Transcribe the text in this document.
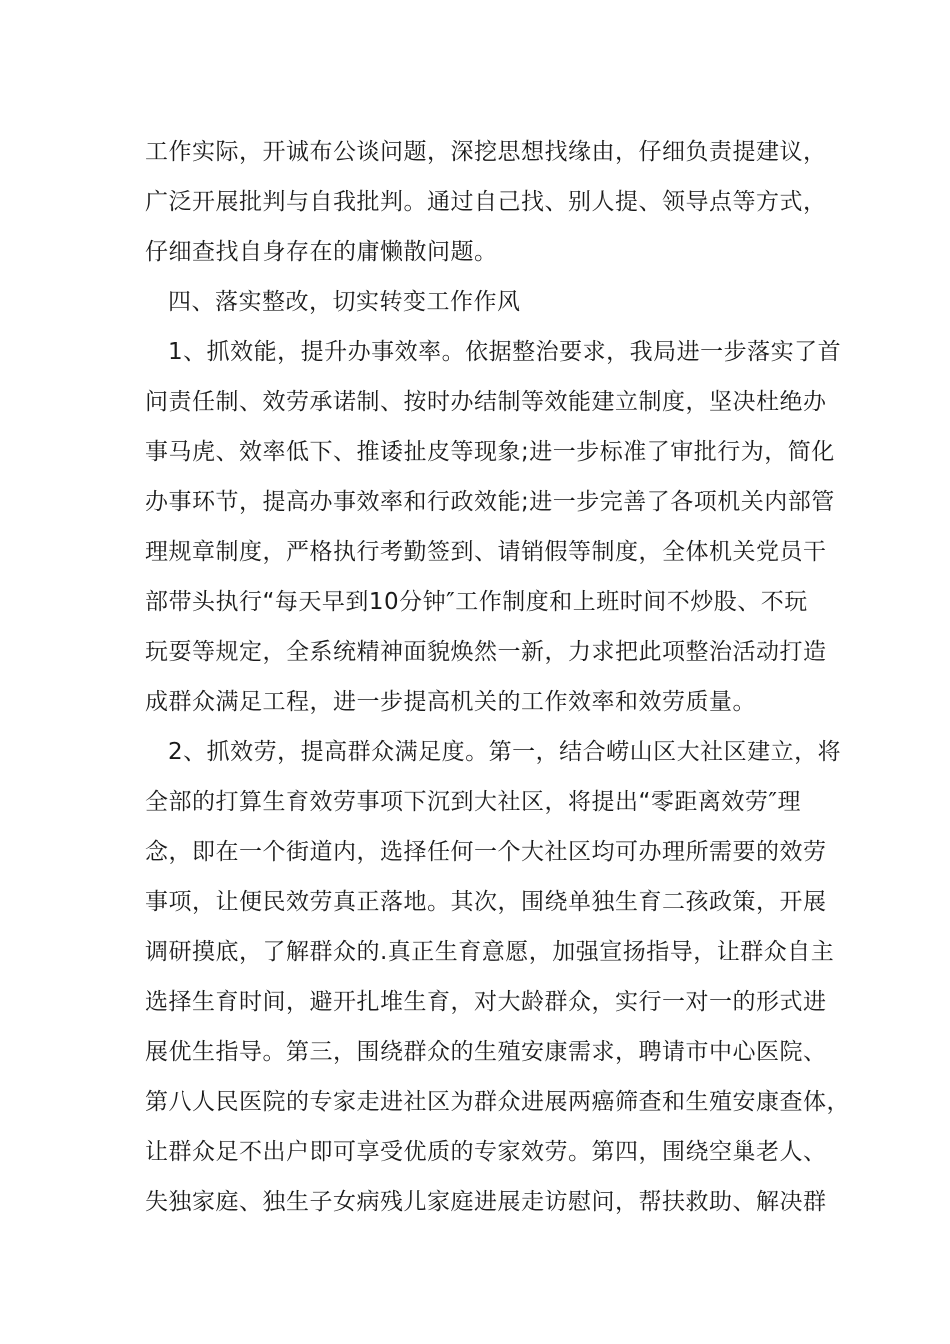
工作实际，开诚布公谈问题，深挖思想找缘由，仔细负责提建议，
广泛开展批判与自我批判。通过自己找、别人提、领导点等方式，
仔细查找自身存在的庸懒散问题。
四、落实整改，切实转变工作作风
1、抓效能，提升办事效率。依据整治要求，我局进一步落实了首
问责任制、效劳承诺制、按时办结制等效能建立制度，坚决杜绝办
事马虎、效率低下、推诿扯皮等现象;进一步标准了审批行为，简化
办事环节，提高办事效率和行政效能;进一步完善了各项机关内部管
理规章制度，严格执行考勤签到、请销假等制度，全体机关党员干
部带头执行“每天早到10分钟″工作制度和上班时间不炒股、不玩
玩耍等规定，全系统精神面貌焕然一新，力求把此项整治活动打造
成群众满足工程，进一步提高机关的工作效率和效劳质量。
2、抓效劳，提高群众满足度。第一，结合崂山区大社区建立，将
全部的打算生育效劳事项下沉到大社区，将提出“零距离效劳″理
念，即在一个街道内，选择任何一个大社区均可办理所需要的效劳
事项，让便民效劳真正落地。其次，围绕单独生育二孩政策，开展
调研摸底，了解群众的.真正生育意愿，加强宣扬指导，让群众自主
选择生育时间，避开扎堆生育，对大龄群众，实行一对一的形式进
展优生指导。第三，围绕群众的生殖安康需求，聘请市中心医院、
第八人民医院的专家走进社区为群众进展两癌筛查和生殖安康查体，
让群众足不出户即可享受优质的专家效劳。第四，围绕空巢老人、
失独家庭、独生子女病残儿家庭进展走访慰问，帮扶救助、解决群
